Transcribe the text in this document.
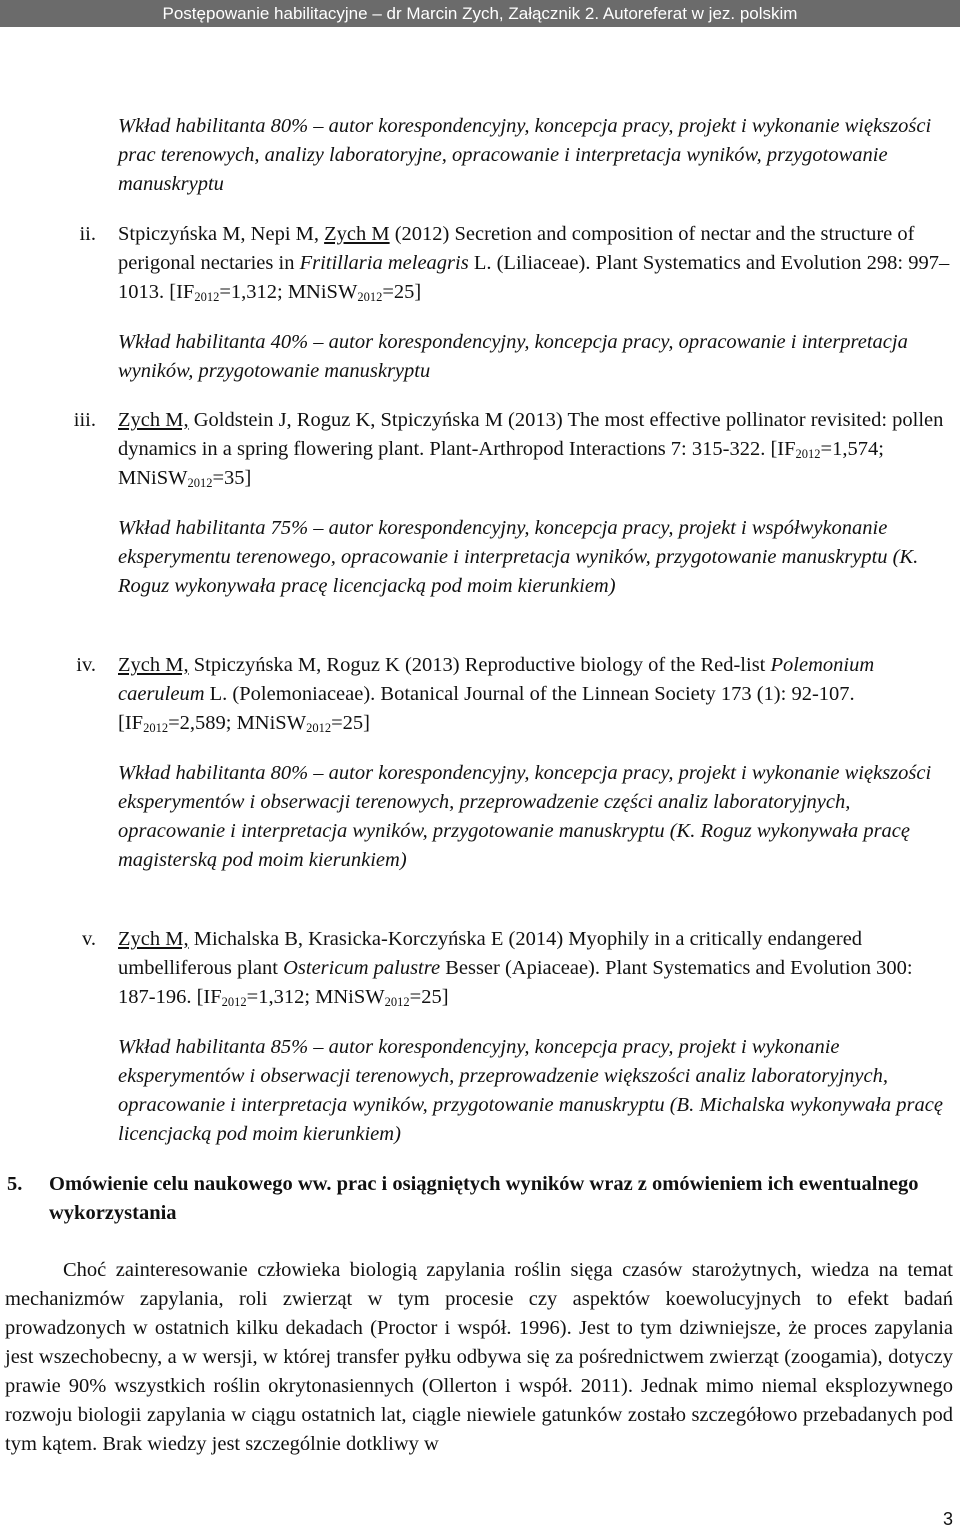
Postępowanie habilitacyjne – dr Marcin Zych, Załącznik 2. Autoreferat w jez. polskim

Wkład habilitanta 80% – autor korespondencyjny, koncepcja pracy, projekt i wykonanie większości prac terenowych, analizy laboratoryjne, opracowanie i interpretacja wyników, przygotowanie manuskryptu

ii. Stpiczyńska M, Nepi M, Zych M (2012) Secretion and composition of nectar and the structure of perigonal nectaries in Fritillaria meleagris L. (Liliaceae). Plant Systematics and Evolution 298: 997–1013. [$IF_{2012}=1,312$; MNiSW$_{2012}$=25]

Wkład habilitanta 40% – autor korespondencyjny, koncepcja pracy, opracowanie i interpretacja wyników, przygotowanie manuskryptu

iii. Zych M, Goldstein J, Roguz K, Stpiczyńska M (2013) The most effective pollinator revisited: pollen dynamics in a spring flowering plant. Plant-Arthropod Interactions 7: 315-322. [$IF_{2012}=1,574$; MNiSW$_{2012}$=35]

Wkład habilitanta 75% – autor korespondencyjny, koncepcja pracy, projekt i współwykonanie eksperymentu terenowego, opracowanie i interpretacja wyników, przygotowanie manuskryptu (K. Roguz wykonywała pracę licencjacką pod moim kierunkiem)

iv. Zych M, Stpiczyńska M, Roguz K (2013) Reproductive biology of the Red-list Polemonium caeruleum L. (Polemoniaceae). Botanical Journal of the Linnean Society 173 (1): 92-107. [$IF_{2012}=2,589$; MNiSW$_{2012}$=25]

Wkład habilitanta 80% – autor korespondencyjny, koncepcja pracy, projekt i wykonanie większości eksperymentów i obserwacji terenowych, przeprowadzenie części analiz laboratoryjnych, opracowanie i interpretacja wyników, przygotowanie manuskryptu (K. Roguz wykonywała pracę magisterską pod moim kierunkiem)

v. Zych M, Michalska B, Krasicka-Korczyńska E (2014) Myophily in a critically endangered umbelliferous plant Ostericum palustre Besser (Apiaceae). Plant Systematics and Evolution 300: 187-196. [$IF_{2012}=1,312$; MNiSW$_{2012}$=25]

Wkład habilitanta 85% – autor korespondencyjny, koncepcja pracy, projekt i wykonanie eksperymentów i obserwacji terenowych, przeprowadzenie większości analiz laboratoryjnych, opracowanie i interpretacja wyników, przygotowanie manuskryptu (B. Michalska wykonywała pracę licencjacką pod moim kierunkiem)

5. Omówienie celu naukowego ww. prac i osiągniętych wyników wraz z omówieniem ich ewentualnego wykorzystania

Choć zainteresowanie człowieka biologią zapylania roślin sięga czasów starożytnych, wiedza na temat mechanizmów zapylania, roli zwierząt w tym procesie czy aspektów koewolucyjnych to efekt badań prowadzonych w ostatnich kilku dekadach (Proctor i współ. 1996). Jest to tym dziwniejsze, że proces zapylania jest wszechobecny, a w wersji, w której transfer pyłku odbywa się za pośrednictwem zwierząt (zoogamia), dotyczy prawie 90% wszystkich roślin okrytonasiennych (Ollerton i współ. 2011). Jednak mimo niemal eksplozywnego rozwoju biologii zapylania w ciągu ostatnich lat, ciągle niewiele gatunków zostało szczegółowo przebadanych pod tym kątem. Brak wiedzy jest szczególnie dotkliwy w

3
